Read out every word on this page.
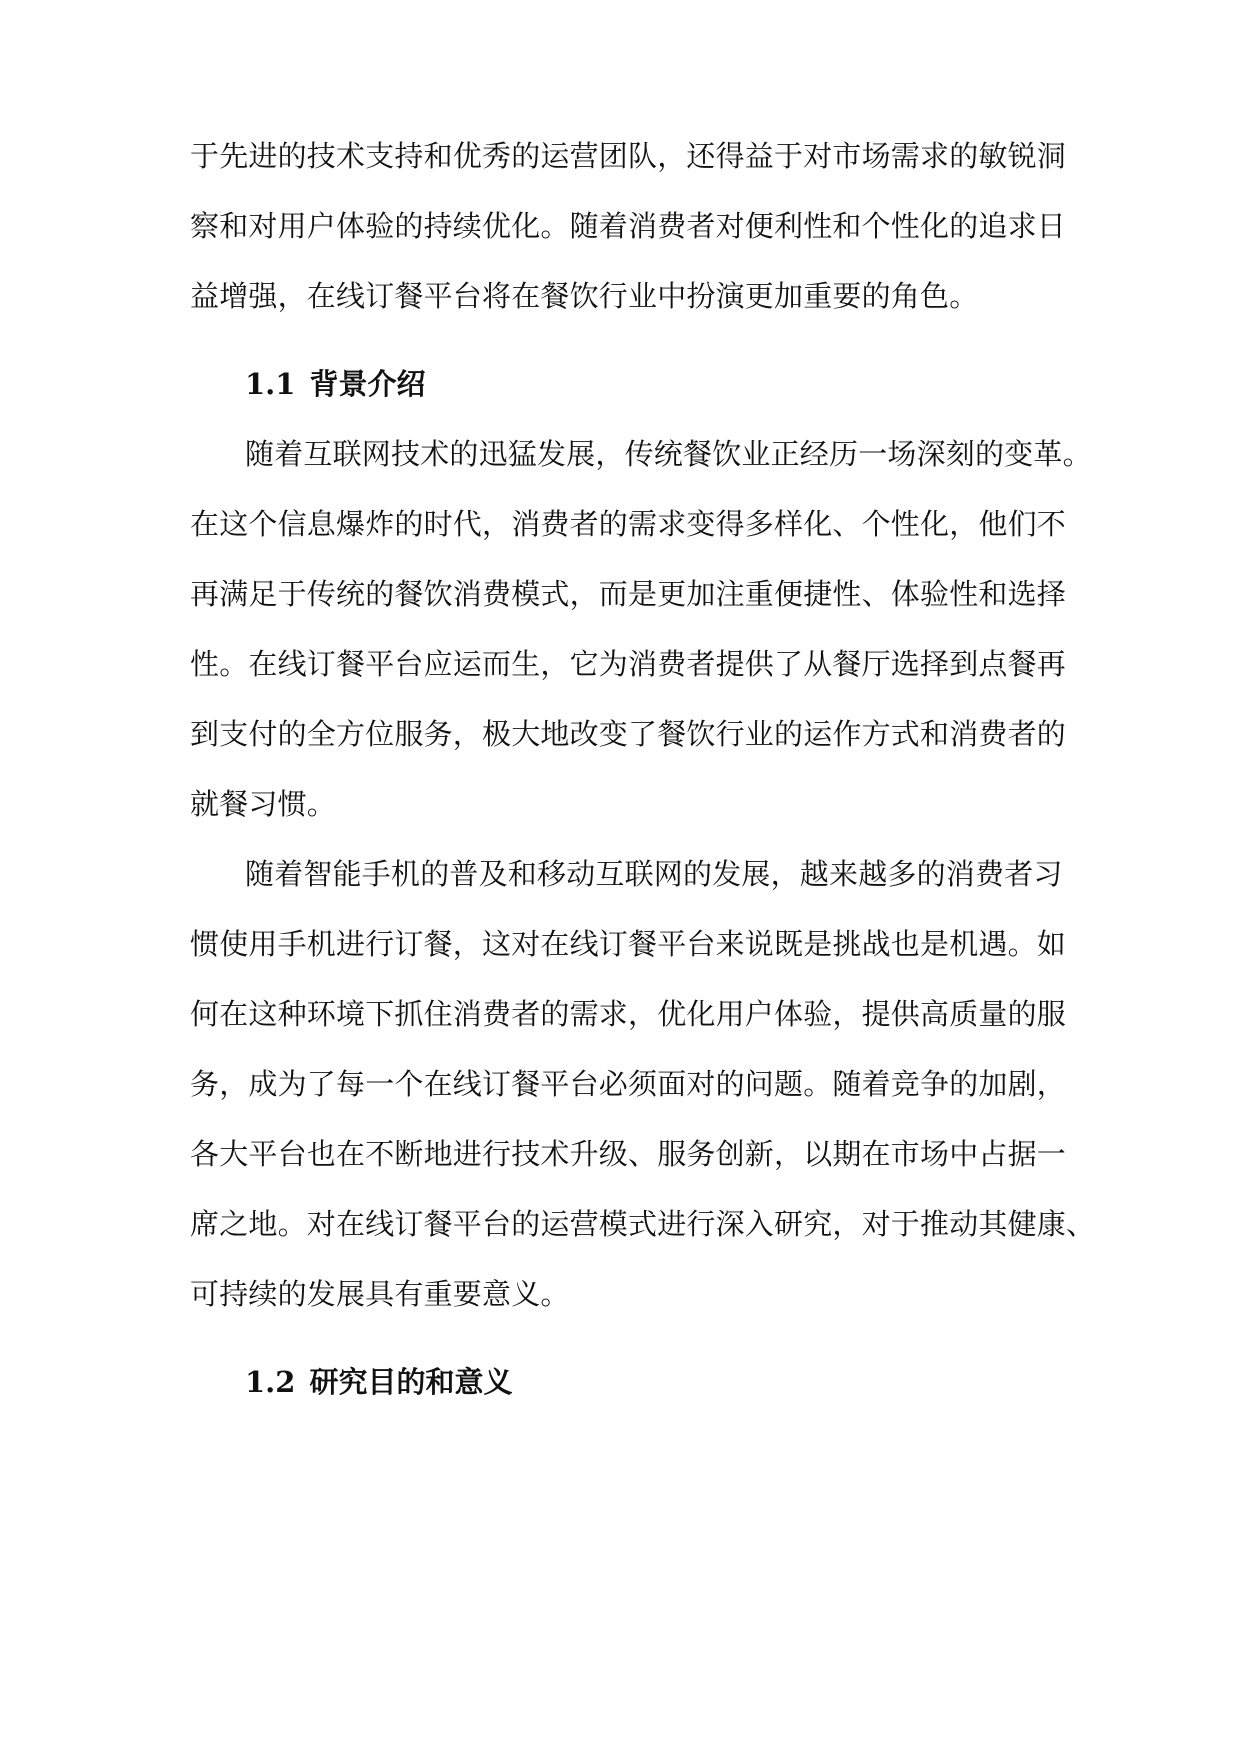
于先进的技术支持和优秀的运营团队，还得益于对市场需求的敏锐洞
察和对用户体验的持续优化。随着消费者对便利性和个性化的追求日
益增强，在线订餐平台将在餐饮行业中扮演更加重要的角色。
1.1 背景介绍
随着互联网技术的迅猛发展，传统餐饮业正经历一场深刻的变革。
在这个信息爆炸的时代，消费者的需求变得多样化、个性化，他们不
再满足于传统的餐饮消费模式，而是更加注重便捷性、体验性和选择
性。在线订餐平台应运而生，它为消费者提供了从餐厅选择到点餐再
到支付的全方位服务，极大地改变了餐饮行业的运作方式和消费者的
就餐习惯。
随着智能手机的普及和移动互联网的发展，越来越多的消费者习
惯使用手机进行订餐，这对在线订餐平台来说既是挑战也是机遇。如
何在这种环境下抓住消费者的需求，优化用户体验，提供高质量的服
务，成为了每一个在线订餐平台必须面对的问题。随着竞争的加剧，
各大平台也在不断地进行技术升级、服务创新，以期在市场中占据一
席之地。对在线订餐平台的运营模式进行深入研究，对于推动其健康、
可持续的发展具有重要意义。
1.2 研究目的和意义
